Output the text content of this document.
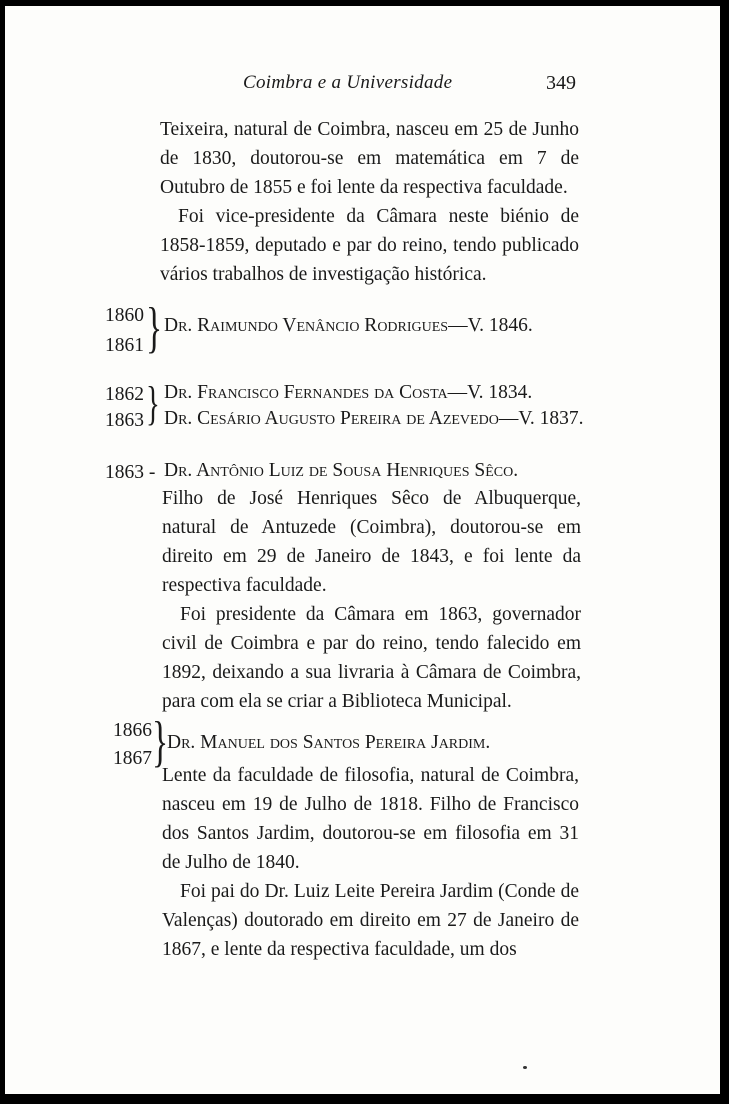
Coimbra e a Universidade	349

Teixeira, natural de Coimbra, nasceu em 25 de Junho de 1830, doutorou-se em matemática em 7 de Outubro de 1855 e foi lente da respectiva faculdade.

Foi vice-presidente da Câmara neste biénio de 1858-1859, deputado e par do reino, tendo publicado vários trabalhos de investigação histórica.

1860
1861 } Dr. Raimundo Venâncio Rodrigues—V. 1846.
1862
1863 } Dr. Francisco Fernandes da Costa—V. 1834.
Dr. Cesário Augusto Pereira de Azevedo—V. 1837.
1863 - Dr. Antônio Luiz de Sousa Henriques Sêco.

Filho de José Henriques Sêco de Albuquerque, natural de Antuzede (Coimbra), doutorou-se em direito em 29 de Janeiro de 1843, e foi lente da respectiva faculdade.

Foi presidente da Câmara em 1863, governador civil de Coimbra e par do reino, tendo falecido em 1892, deixando a sua livraria à Câmara de Coimbra, para com ela se criar a Biblioteca Municipal.

1866
1867 }
Dr. Manuel dos Santos Pereira Jardim.

Lente da faculdade de filosofia, natural de Coimbra, nasceu em 19 de Julho de 1818. Filho de Francisco dos Santos Jardim, doutorou-se em filosofia em 31 de Julho de 1840.

Foi pai do Dr. Luiz Leite Pereira Jardim (Conde de Valenças) doutorado em direito em 27 de Janeiro de 1867, e lente da respectiva faculdade, um dos
